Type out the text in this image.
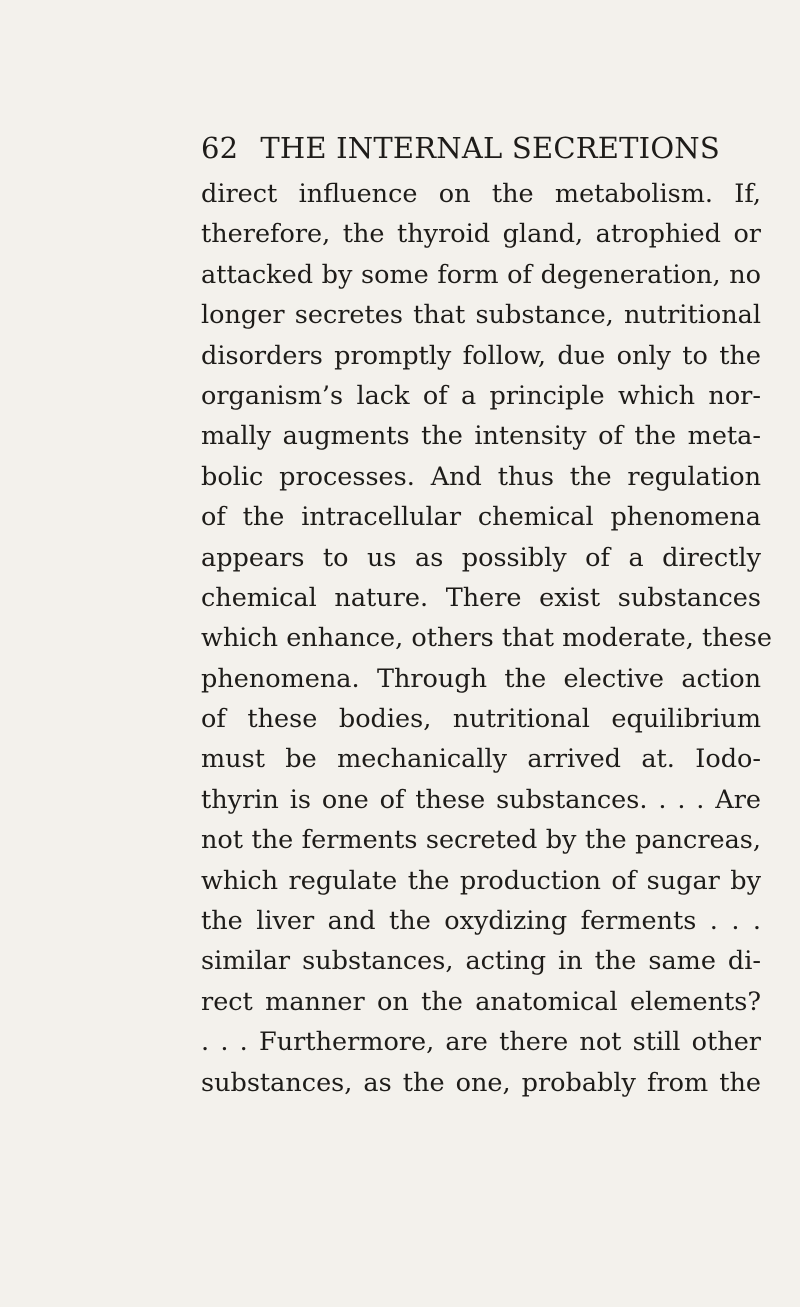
62 THE INTERNAL SECRETIONS
direct influence on the metabolism. If,
therefore, the thyroid gland, atrophied or
attacked by some form of degeneration, no
longer secretes that substance, nutritional
disorders promptly follow, due only to the
organism’s lack of a principle which nor-
mally augments the intensity of the meta-
bolic processes. And thus the regulation
of the intracellular chemical phenomena
appears to us as possibly of a directly
chemical nature. There exist substances
which enhance, others that moderate, these
phenomena. Through the elective action
of these bodies, nutritional equilibrium
must be mechanically arrived at. Iodo-
thyrin is one of these substances. . . . Are
not the ferments secreted by the pancreas,
which regulate the production of sugar by
the liver and the oxydizing ferments . . .
similar substances, acting in the same di-
rect manner on the anatomical elements?
. . . Furthermore, are there not still other
substances, as the one, probably from the
